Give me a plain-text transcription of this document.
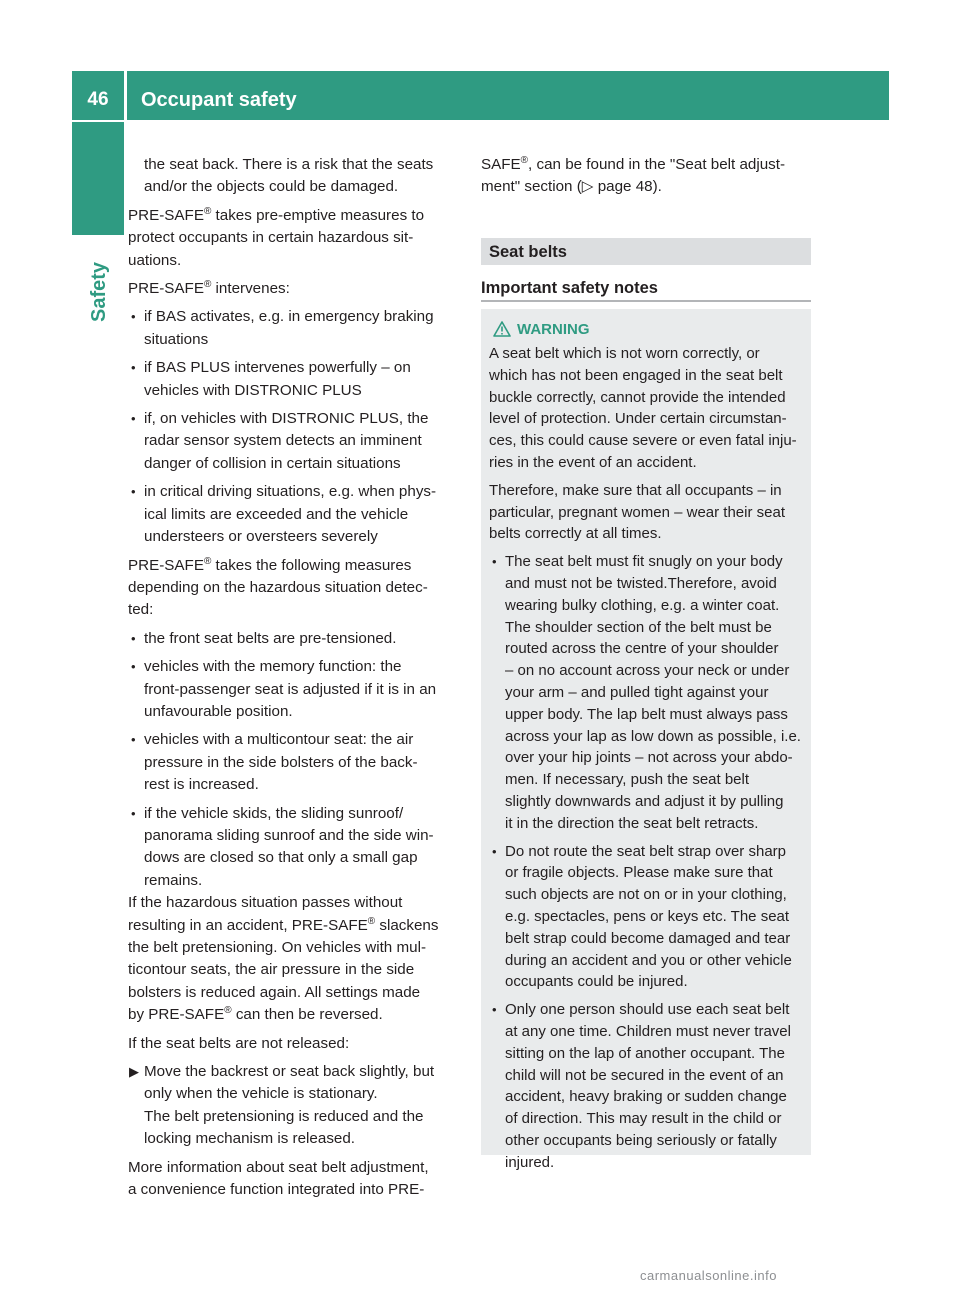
46	Occupant safety
Safety

the seat back. There is a risk that the seats

and/or the objects could be damaged.

PRE-SAFE® takes pre-emptive measures to

protect occupants in certain hazardous sit-

uations.

PRE-SAFE® intervenes:

• if BAS activates, e.g. in emergency braking

situations

• if BAS PLUS intervenes powerfully – on

vehicles with DISTRONIC PLUS

• if, on vehicles with DISTRONIC PLUS, the

radar sensor system detects an imminent

danger of collision in certain situations

• in critical driving situations, e.g. when phys-

ical limits are exceeded and the vehicle

understeers or oversteers severely

PRE-SAFE® takes the following measures

depending on the hazardous situation detec-

ted:

• the front seat belts are pre-tensioned.

• vehicles with the memory function: the

front-passenger seat is adjusted if it is in an

unfavourable position.

• vehicles with a multicontour seat: the air

pressure in the side bolsters of the back-

rest is increased.

• if the vehicle skids, the sliding sunroof/

panorama sliding sunroof and the side win-

dows are closed so that only a small gap

remains.

If the hazardous situation passes without

resulting in an accident, PRE-SAFE® slackens

the belt pretensioning. On vehicles with mul-

ticontour seats, the air pressure in the side

bolsters is reduced again. All settings made

by PRE-SAFE® can then be reversed.

If the seat belts are not released:

▶ Move the backrest or seat back slightly, but

only when the vehicle is stationary.

The belt pretensioning is reduced and the

locking mechanism is released.

More information about seat belt adjustment,

a convenience function integrated into PRE-

SAFE®, can be found in the "Seat belt adjust-

ment" section (▷ page 48).

Seat belts
Important safety notes
WARNING

A seat belt which is not worn correctly, or

which has not been engaged in the seat belt

buckle correctly, cannot provide the intended

level of protection. Under certain circumstan-

ces, this could cause severe or even fatal inju-

ries in the event of an accident.

Therefore, make sure that all occupants – in

particular, pregnant women – wear their seat

belts correctly at all times.

• The seat belt must fit snugly on your body

and must not be twisted.Therefore, avoid

wearing bulky clothing, e.g. a winter coat.

The shoulder section of the belt must be

routed across the centre of your shoulder

– on no account across your neck or under

your arm – and pulled tight against your

upper body. The lap belt must always pass

across your lap as low down as possible, i.e.

over your hip joints – not across your abdo-

men. If necessary, push the seat belt

slightly downwards and adjust it by pulling

it in the direction the seat belt retracts.

• Do not route the seat belt strap over sharp

or fragile objects. Please make sure that

such objects are not on or in your clothing,

e.g. spectacles, pens or keys etc. The seat

belt strap could become damaged and tear

during an accident and you or other vehicle

occupants could be injured.

• Only one person should use each seat belt

at any one time. Children must never travel

sitting on the lap of another occupant. The

child will not be secured in the event of an

accident, heavy braking or sudden change

of direction. This may result in the child or

other occupants being seriously or fatally

injured.

carmanualsonline.info
